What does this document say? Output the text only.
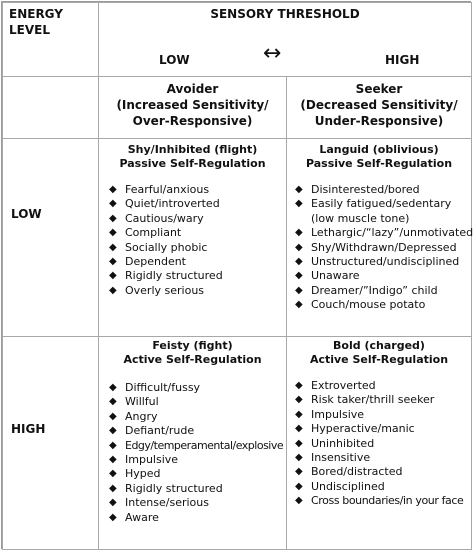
ENERGY
LEVEL
SENSORY THRESHOLD
LOW	↔	HIGH
Avoider
(Increased Sensitivity/
Over-Responsive)
Seeker
(Decreased Sensitivity/
Under-Responsive)
LOW
Shy/Inhibited (flight)
Passive Self-Regulation
◆ Fearful/anxious
◆ Quiet/introverted
◆ Cautious/wary
◆ Compliant
◆ Socially phobic
◆ Dependent
◆ Rigidly structured
◆ Overly serious
Languid (oblivious)
Passive Self-Regulation
◆ Disinterested/bored
◆ Easily fatigued/sedentary (low muscle tone)
◆ Lethargic/“lazy”/unmotivated
◆ Shy/Withdrawn/Depressed
◆ Unstructured/undisciplined
◆ Unaware
◆ Dreamer/”Indigo” child
◆ Couch/mouse potato
HIGH
Feisty (fight)
Active Self-Regulation
◆ Difficult/fussy
◆ Willful
◆ Angry
◆ Defiant/rude
◆ Edgy/temperamental/explosive
◆ Impulsive
◆ Hyped
◆ Rigidly structured
◆ Intense/serious
◆ Aware
Bold (charged)
Active Self-Regulation
◆ Extroverted
◆ Risk taker/thrill seeker
◆ Impulsive
◆ Hyperactive/manic
◆ Uninhibited
◆ Insensitive
◆ Bored/distracted
◆ Undisciplined
◆ Cross boundaries/in your face
